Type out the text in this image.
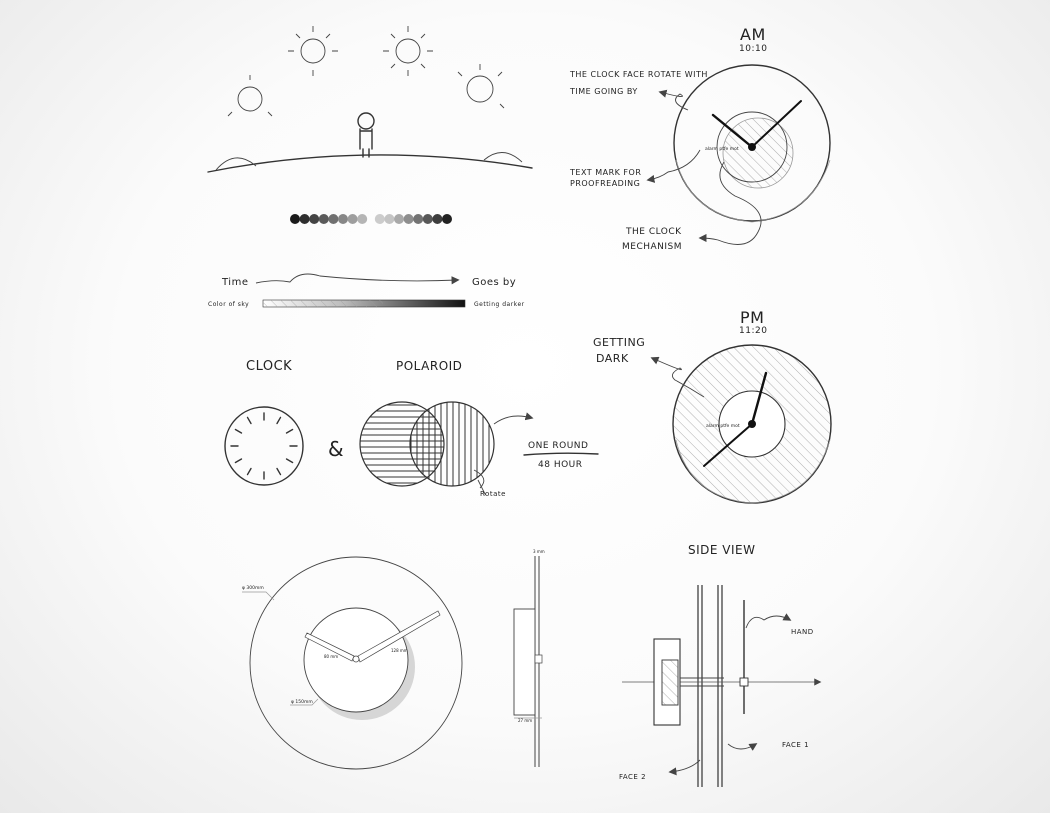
Time	Goes by
Color of sky	Getting darker
CLOCK	POLAROID
&
Rotate
ONE ROUND
48 HOUR
AM
10:10
alarm ptfe mot
THE CLOCK FACE ROTATE WITH
TIME GOING BY
TEXT MARK FOR
PROOFREADING
THE CLOCK
MECHANISM
PM
11:20
alarm ptfe mot
GETTING
DARK
φ 300mm
φ 150mm
80 mm
128 mm
3 mm
27 mm
SIDE VIEW
HAND
FACE 1
FACE 2
